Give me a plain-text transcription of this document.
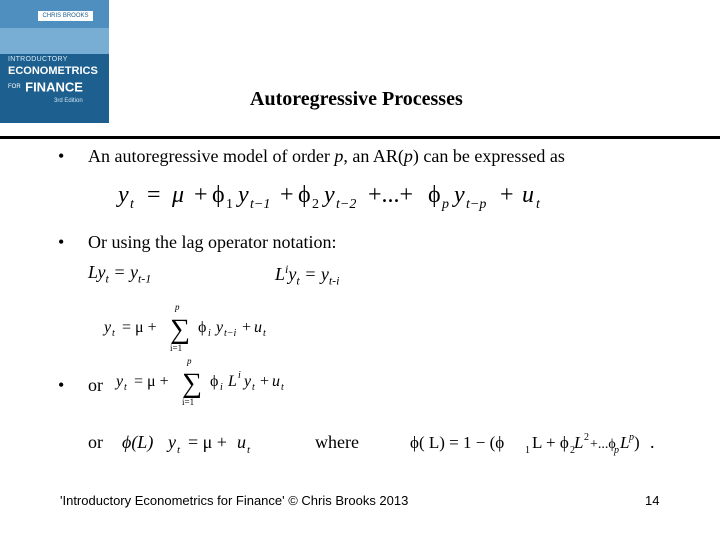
CHRIS BROOKS
INTRODUCTORY
ECONOMETRICS
FOR FINANCE
3rd Edition	Autoregressive Processes
• An autoregressive model of order p, an AR(p) can be expressed as
y t = μ + ϕ 1 y t−1 + ϕ 2 y t−2 +...+ ϕ p y t−p + u t
• Or using the lag operator notation:
$Ly_t = y_{t-1}$	$L^iy_t = y_{t-i}$
y t = μ + ∑
p
i=1
ϕ i y t−i + u t
• or y t = μ + ∑
p
i=1
ϕ i L i y t + u t
or ϕ(L) y t = μ + u t	where	ϕ( L) = 1 − (ϕ 1 L + ϕ 2 L 2 +...ϕ
p L p ) .
'Introductory Econometrics for Finance' © Chris Brooks 2013	14
